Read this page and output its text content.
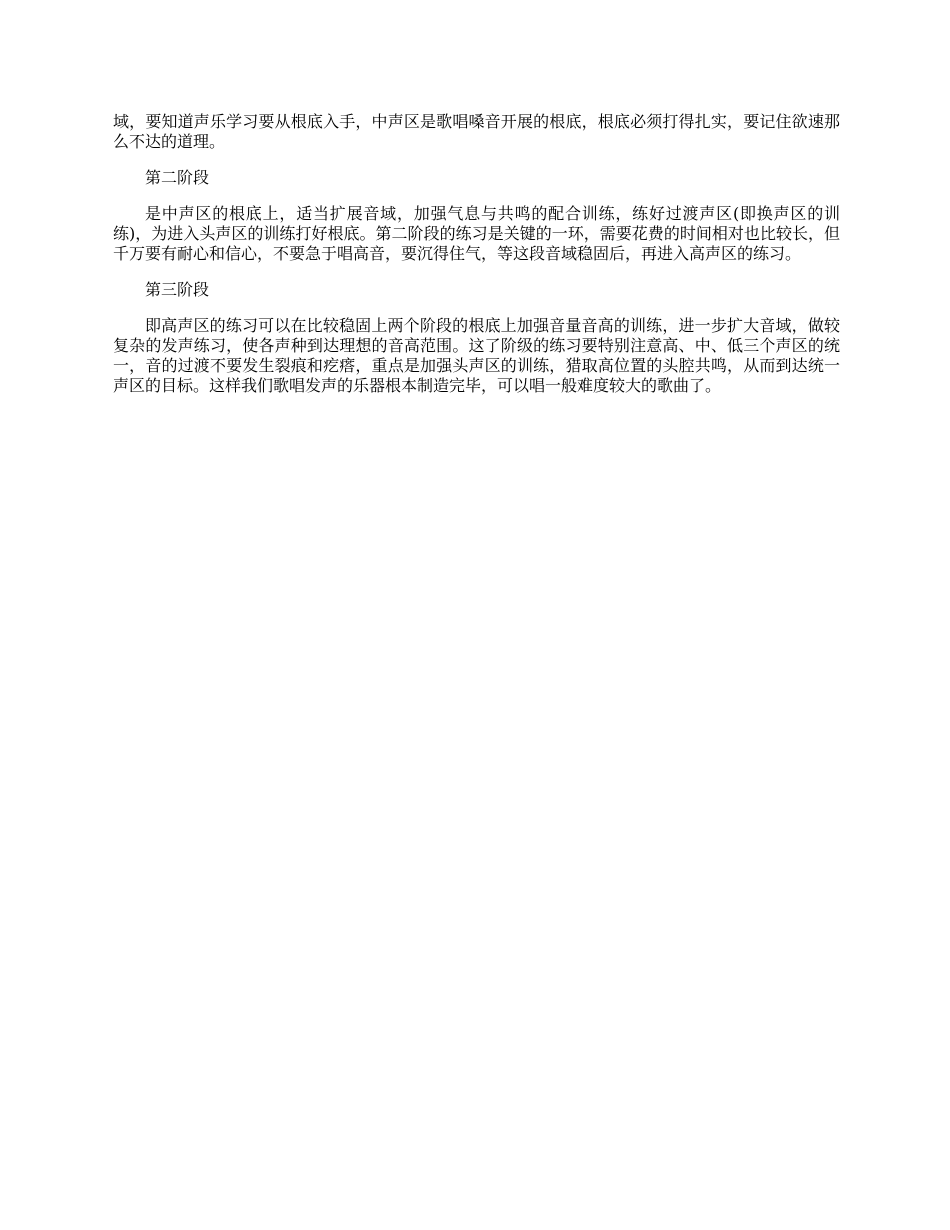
域，要知道声乐学习要从根底入手，中声区是歌唱嗓音开展的根底，根底必须打得扎实，要记住欲速那么不达的道理。

第二阶段

是中声区的根底上，适当扩展音域，加强气息与共鸣的配合训练，练好过渡声区(即换声区的训练)，为进入头声区的训练打好根底。第二阶段的练习是关键的一环，需要花费的时间相对也比较长，但千万要有耐心和信心，不要急于唱高音，要沉得住气，等这段音域稳固后，再进入高声区的练习。

第三阶段

即高声区的练习可以在比较稳固上两个阶段的根底上加强音量音高的训练，进一步扩大音域，做较复杂的发声练习，使各声种到达理想的音高范围。这了阶级的练习要特别注意高、中、低三个声区的统一，音的过渡不要发生裂痕和疙瘩，重点是加强头声区的训练，猎取高位置的头腔共鸣，从而到达统一声区的目标。这样我们歌唱发声的乐器根本制造完毕，可以唱一般难度较大的歌曲了。
